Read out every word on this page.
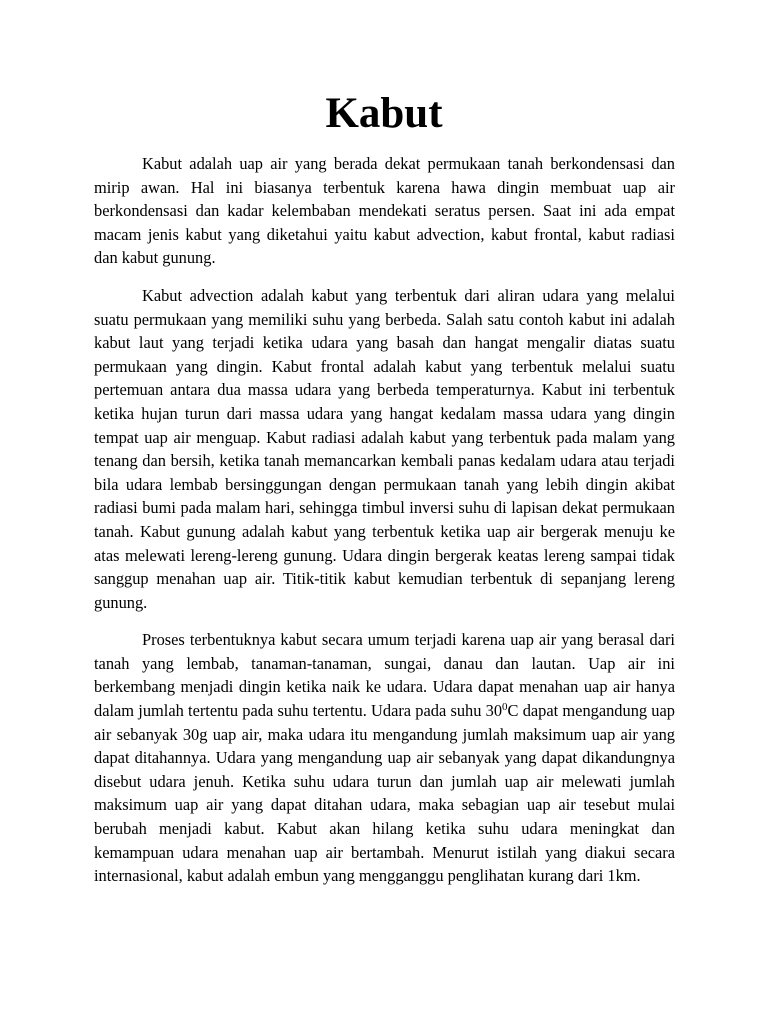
Kabut

Kabut adalah uap air yang berada dekat permukaan tanah berkondensasi dan mirip awan. Hal ini biasanya terbentuk karena hawa dingin membuat uap air berkondensasi dan kadar kelembaban mendekati seratus persen. Saat ini ada empat macam jenis kabut yang diketahui yaitu kabut advection, kabut frontal, kabut radiasi dan kabut gunung.

Kabut advection adalah kabut yang terbentuk dari aliran udara yang melalui suatu permukaan yang memiliki suhu yang berbeda. Salah satu contoh kabut ini adalah kabut laut yang terjadi ketika udara yang basah dan hangat mengalir diatas suatu permukaan yang dingin. Kabut frontal adalah kabut yang terbentuk melalui suatu pertemuan antara dua massa udara yang berbeda temperaturnya. Kabut ini terbentuk ketika hujan turun dari massa udara yang hangat kedalam massa udara yang dingin tempat uap air menguap. Kabut radiasi adalah kabut yang terbentuk pada malam yang tenang dan bersih, ketika tanah memancarkan kembali panas kedalam udara atau terjadi bila udara lembab bersinggungan dengan permukaan tanah yang lebih dingin akibat radiasi bumi pada malam hari, sehingga timbul inversi suhu di lapisan dekat permukaan tanah. Kabut gunung adalah kabut yang terbentuk ketika uap air bergerak menuju ke atas melewati lereng-lereng gunung. Udara dingin bergerak keatas lereng sampai tidak sanggup menahan uap air. Titik-titik kabut kemudian terbentuk di sepanjang lereng gunung.

Proses terbentuknya kabut secara umum terjadi karena uap air yang berasal dari tanah yang lembab, tanaman-tanaman, sungai, danau dan lautan. Uap air ini berkembang menjadi dingin ketika naik ke udara. Udara dapat menahan uap air hanya dalam jumlah tertentu pada suhu tertentu. Udara pada suhu $30^0C$ dapat mengandung uap air sebanyak 30g uap air, maka udara itu mengandung jumlah maksimum uap air yang dapat ditahannya. Udara yang mengandung uap air sebanyak yang dapat dikandungnya disebut udara jenuh. Ketika suhu udara turun dan jumlah uap air melewati jumlah maksimum uap air yang dapat ditahan udara, maka sebagian uap air tesebut mulai berubah menjadi kabut. Kabut akan hilang ketika suhu udara meningkat dan kemampuan udara menahan uap air bertambah. Menurut istilah yang diakui secara internasional, kabut adalah embun yang mengganggu penglihatan kurang dari 1km.
